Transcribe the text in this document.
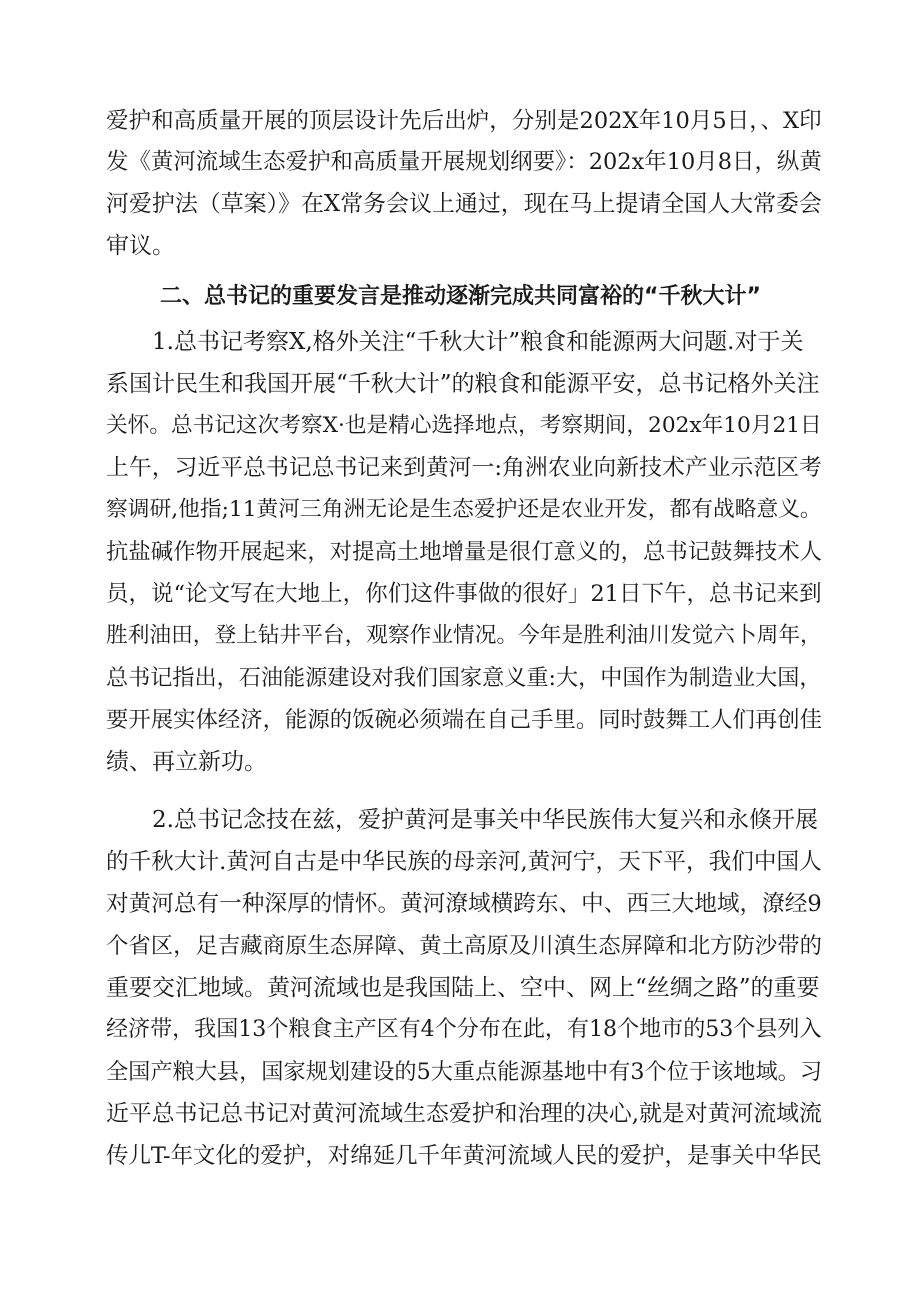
爱护和高质量开展的顶层设计先后出炉，分别是202X年10月5日，、X印
发《黄河流域生态爱护和高质量开展规划纲要》：202x年10月8日，纵黄
河爱护法（草案）》在X常务会议上通过，现在马上提请全国人大常委会
审议。
二、总书记的重要发言是推动逐渐完成共同富裕的“千秋大计”
1.总书记考察X,格外关注“千秋大计”粮食和能源两大问题.对于关
系国计民生和我国开展“千秋大计”的粮食和能源平安，总书记格外关注
关怀。总书记这次考察X·也是精心选择地点，考察期间，202x年10月21日
上午，习近平总书记总书记来到黄河一:角洲农业向新技术产业示范区考
察调研,他指;11黄河三角洲无论是生态爱护还是农业开发，都有战略意义。
抗盐碱作物开展起来，对提高土地增量是很仃意义的，总书记鼓舞技术人
员，说“论文写在大地上，你们这件事做的很好」21日下午，总书记来到
胜利油田，登上钻井平台，观察作业情况。今年是胜利油川发觉六卜周年，
总书记指出，石油能源建设对我们国家意义重:大，中国作为制造业大国，
要开展实体经济，能源的饭碗必须端在自己手里。同时鼓舞工人们再创佳
绩、再立新功。
2.总书记念技在兹，爱护黄河是事关中华民族伟大复兴和永倏开展
的千秋大计.黄河自古是中华民族的母亲河,黄河宁，天下平，我们中国人
对黄河总有一种深厚的情怀。黄河潦域横跨东、中、西三大地域，潦经9
个省区，足吉藏商原生态屏障、黄土高原及川滇生态屏障和北方防沙带的
重要交汇地域。黄河流域也是我国陆上、空中、网上“丝绸之路”的重要
经济带，我国13个粮食主产区有4个分布在此，有18个地市的53个县列入
全国产粮大县，国家规划建设的5大重点能源基地中有3个位于该地域。习
近平总书记总书记对黄河流域生态爱护和治理的决心,就是对黄河流域流
传儿T-年文化的爱护，对绵延几千年黄河流域人民的爱护，是事关中华民
